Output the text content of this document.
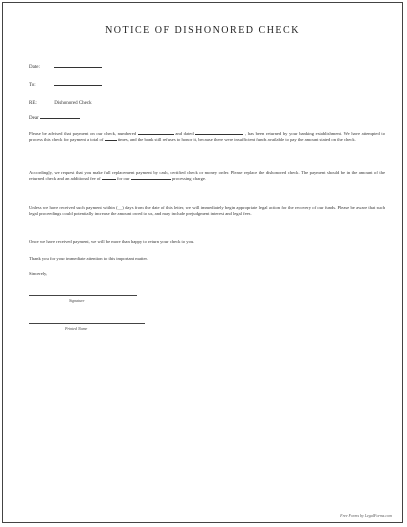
NOTICE OF DISHONORED CHECK
Date:
To:
RE:	Dishonored Check
Dear
Please be advised that payment on our check, numbered	and dated	, has been returned by your banking establishment. We have attempted to process this check for payment a total of	times, and the bank still refuses to honor it, because there were insufficient funds available to pay the amount stated on the check.
Accordingly, we request that you make full replacement payment by cash, certified check or money order. Please replace the dishonored check. The payment should be in the amount of the returned check and an additional fee of	for our	processing charge.
Unless we have received such payment within (__) days from the date of this letter, we will immediately begin appropriate legal action for the recovery of our funds. Please be aware that such legal proceedings could potentially increase the amount owed to us, and may include prejudgment interest and legal fees.
Once we have received payment, we will be more than happy to return your check to you.
Thank you for your immediate attention to this important matter.
Sincerely,
Signature
Printed Name
Free Forms by LegalForms.com
